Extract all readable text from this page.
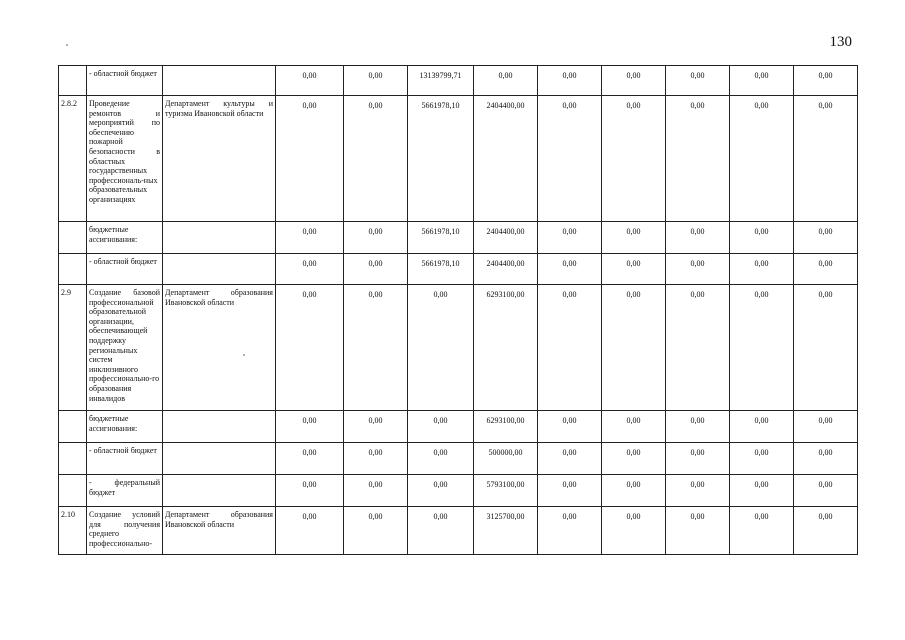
130
	- областной бюджет		0,00	0,00	13139799,71	0,00	0,00	0,00	0,00	0,00	0,00
2.8.2	Проведение ремонтов и мероприятий по обеспечению пожарной безопасности в областных государственных профессиональ-ных образовательных организациях	Департамент культуры и туризма Ивановской области	0,00	0,00	5661978,10	2404400,00	0,00	0,00	0,00	0,00	0,00
	бюджетные ассигнования:		0,00	0,00	5661978,10	2404400,00	0,00	0,00	0,00	0,00	0,00
	- областной бюджет		0,00	0,00	5661978,10	2404400,00	0,00	0,00	0,00	0,00	0,00
2.9	Создание базовой профессиональной образовательной организации, обеспечивающей поддержку региональных систем инклюзивного профессионально-го образования инвалидов	Департамент образования Ивановской области	0,00	0,00	0,00	6293100,00	0,00	0,00	0,00	0,00	0,00
	бюджетные ассигнования:		0,00	0,00	0,00	6293100,00	0,00	0,00	0,00	0,00	0,00
	- областной бюджет		0,00	0,00	0,00	500000,00	0,00	0,00	0,00	0,00	0,00
	- федеральный бюджет		0,00	0,00	0,00	5793100,00	0,00	0,00	0,00	0,00	0,00
2.10	Создание условий для получения среднего профессионально-	Департамент образования Ивановской области	0,00	0,00	0,00	3125700,00	0,00	0,00	0,00	0,00	0,00
